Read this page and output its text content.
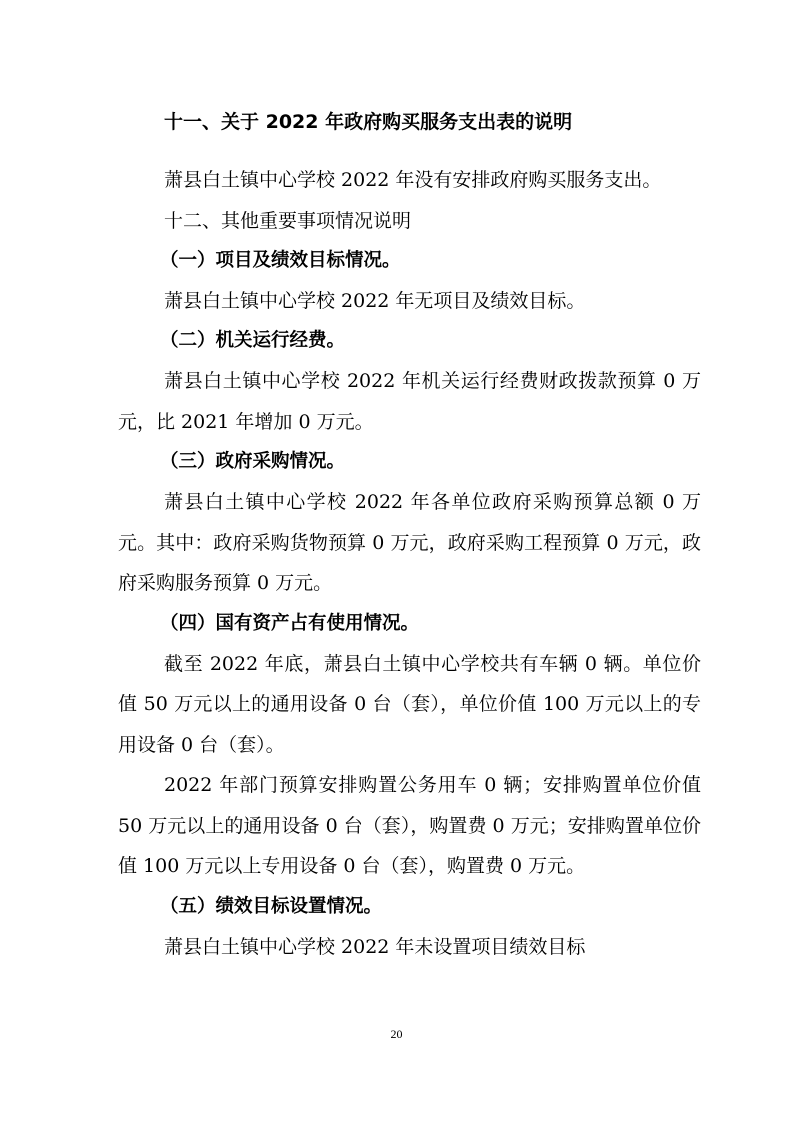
十一、关于 2022 年政府购买服务支出表的说明

萧县白土镇中心学校 2022 年没有安排政府购买服务支出。

十二、其他重要事项情况说明

（一）项目及绩效目标情况。

萧县白土镇中心学校 2022 年无项目及绩效目标。

（二）机关运行经费。

萧县白土镇中心学校 2022 年机关运行经费财政拨款预算 0 万元，比 2021 年增加 0 万元。

（三）政府采购情况。

萧县白土镇中心学校 2022 年各单位政府采购预算总额 0 万元。其中：政府采购货物预算 0 万元，政府采购工程预算 0 万元，政府采购服务预算 0 万元。

（四）国有资产占有使用情况。

截至 2022 年底，萧县白土镇中心学校共有车辆 0 辆。单位价值 50 万元以上的通用设备 0 台（套），单位价值 100 万元以上的专用设备 0 台（套）。

2022 年部门预算安排购置公务用车 0 辆；安排购置单位价值 50 万元以上的通用设备 0 台（套），购置费 0 万元；安排购置单位价值 100 万元以上专用设备 0 台（套），购置费 0 万元。

（五）绩效目标设置情况。

萧县白土镇中心学校 2022 年未设置项目绩效目标

20
